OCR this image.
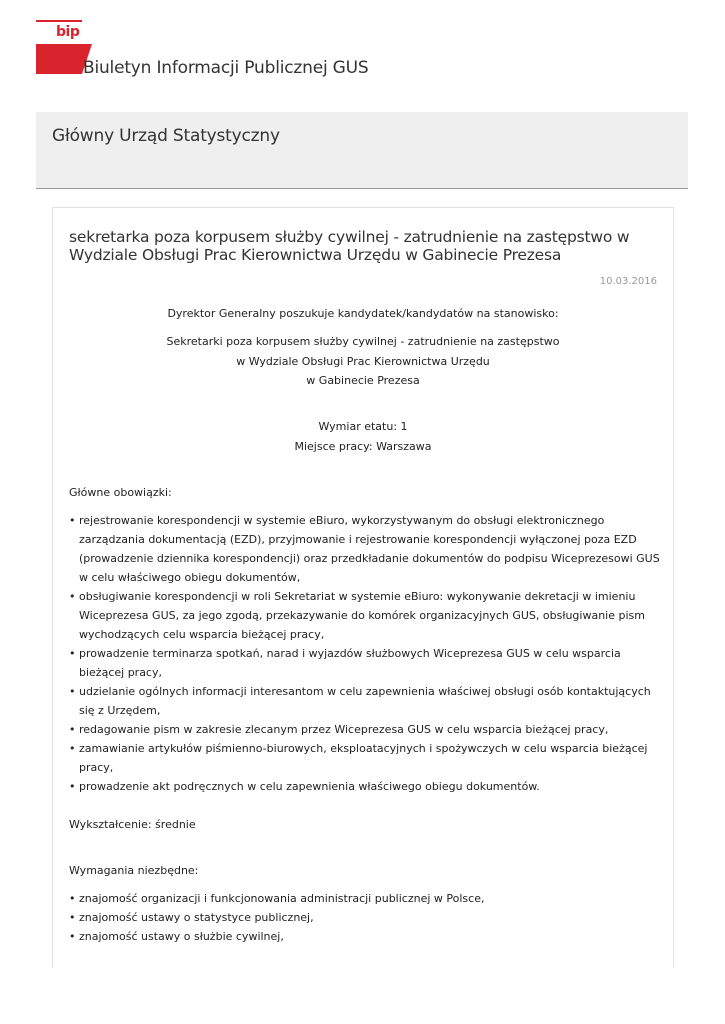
bip
Biuletyn Informacji Publicznej GUS
Główny Urząd Statystyczny
sekretarka poza korpusem służby cywilnej - zatrudnienie na zastępstwo w Wydziale Obsługi Prac Kierownictwa Urzędu w Gabinecie Prezesa
10.03.2016
Dyrektor Generalny poszukuje kandydatek/kandydatów na stanowisko:
Sekretarki poza korpusem służby cywilnej - zatrudnienie na zastępstwo
w Wydziale Obsługi Prac Kierownictwa Urzędu
w Gabinecie Prezesa
Wymiar etatu: 1
Miejsce pracy: Warszawa
Główne obowiązki:
• rejestrowanie korespondencji w systemie eBiuro, wykorzystywanym do obsługi elektronicznego zarządzania dokumentacją (EZD), przyjmowanie i rejestrowanie korespondencji wyłączonej poza EZD (prowadzenie dziennika korespondencji) oraz przedkładanie dokumentów do podpisu Wiceprezesowi GUS w celu właściwego obiegu dokumentów,
• obsługiwanie korespondencji w roli Sekretariat w systemie eBiuro: wykonywanie dekretacji w imieniu Wiceprezesa GUS, za jego zgodą, przekazywanie do komórek organizacyjnych GUS, obsługiwanie pism wychodzących celu wsparcia bieżącej pracy,
• prowadzenie terminarza spotkań, narad i wyjazdów służbowych Wiceprezesa GUS w celu wsparcia bieżącej pracy,
• udzielanie ogólnych informacji interesantom w celu zapewnienia właściwej obsługi osób kontaktujących się z Urzędem,
• redagowanie pism w zakresie zlecanym przez Wiceprezesa GUS w celu wsparcia bieżącej pracy,
• zamawianie artykułów piśmienno-biurowych, eksploatacyjnych i spożywczych w celu wsparcia bieżącej pracy,
• prowadzenie akt podręcznych w celu zapewnienia właściwego obiegu dokumentów.
Wykształcenie: średnie
Wymagania niezbędne:
• znajomość organizacji i funkcjonowania administracji publicznej w Polsce,
• znajomość ustawy o statystyce publicznej,
• znajomość ustawy o służbie cywilnej,
